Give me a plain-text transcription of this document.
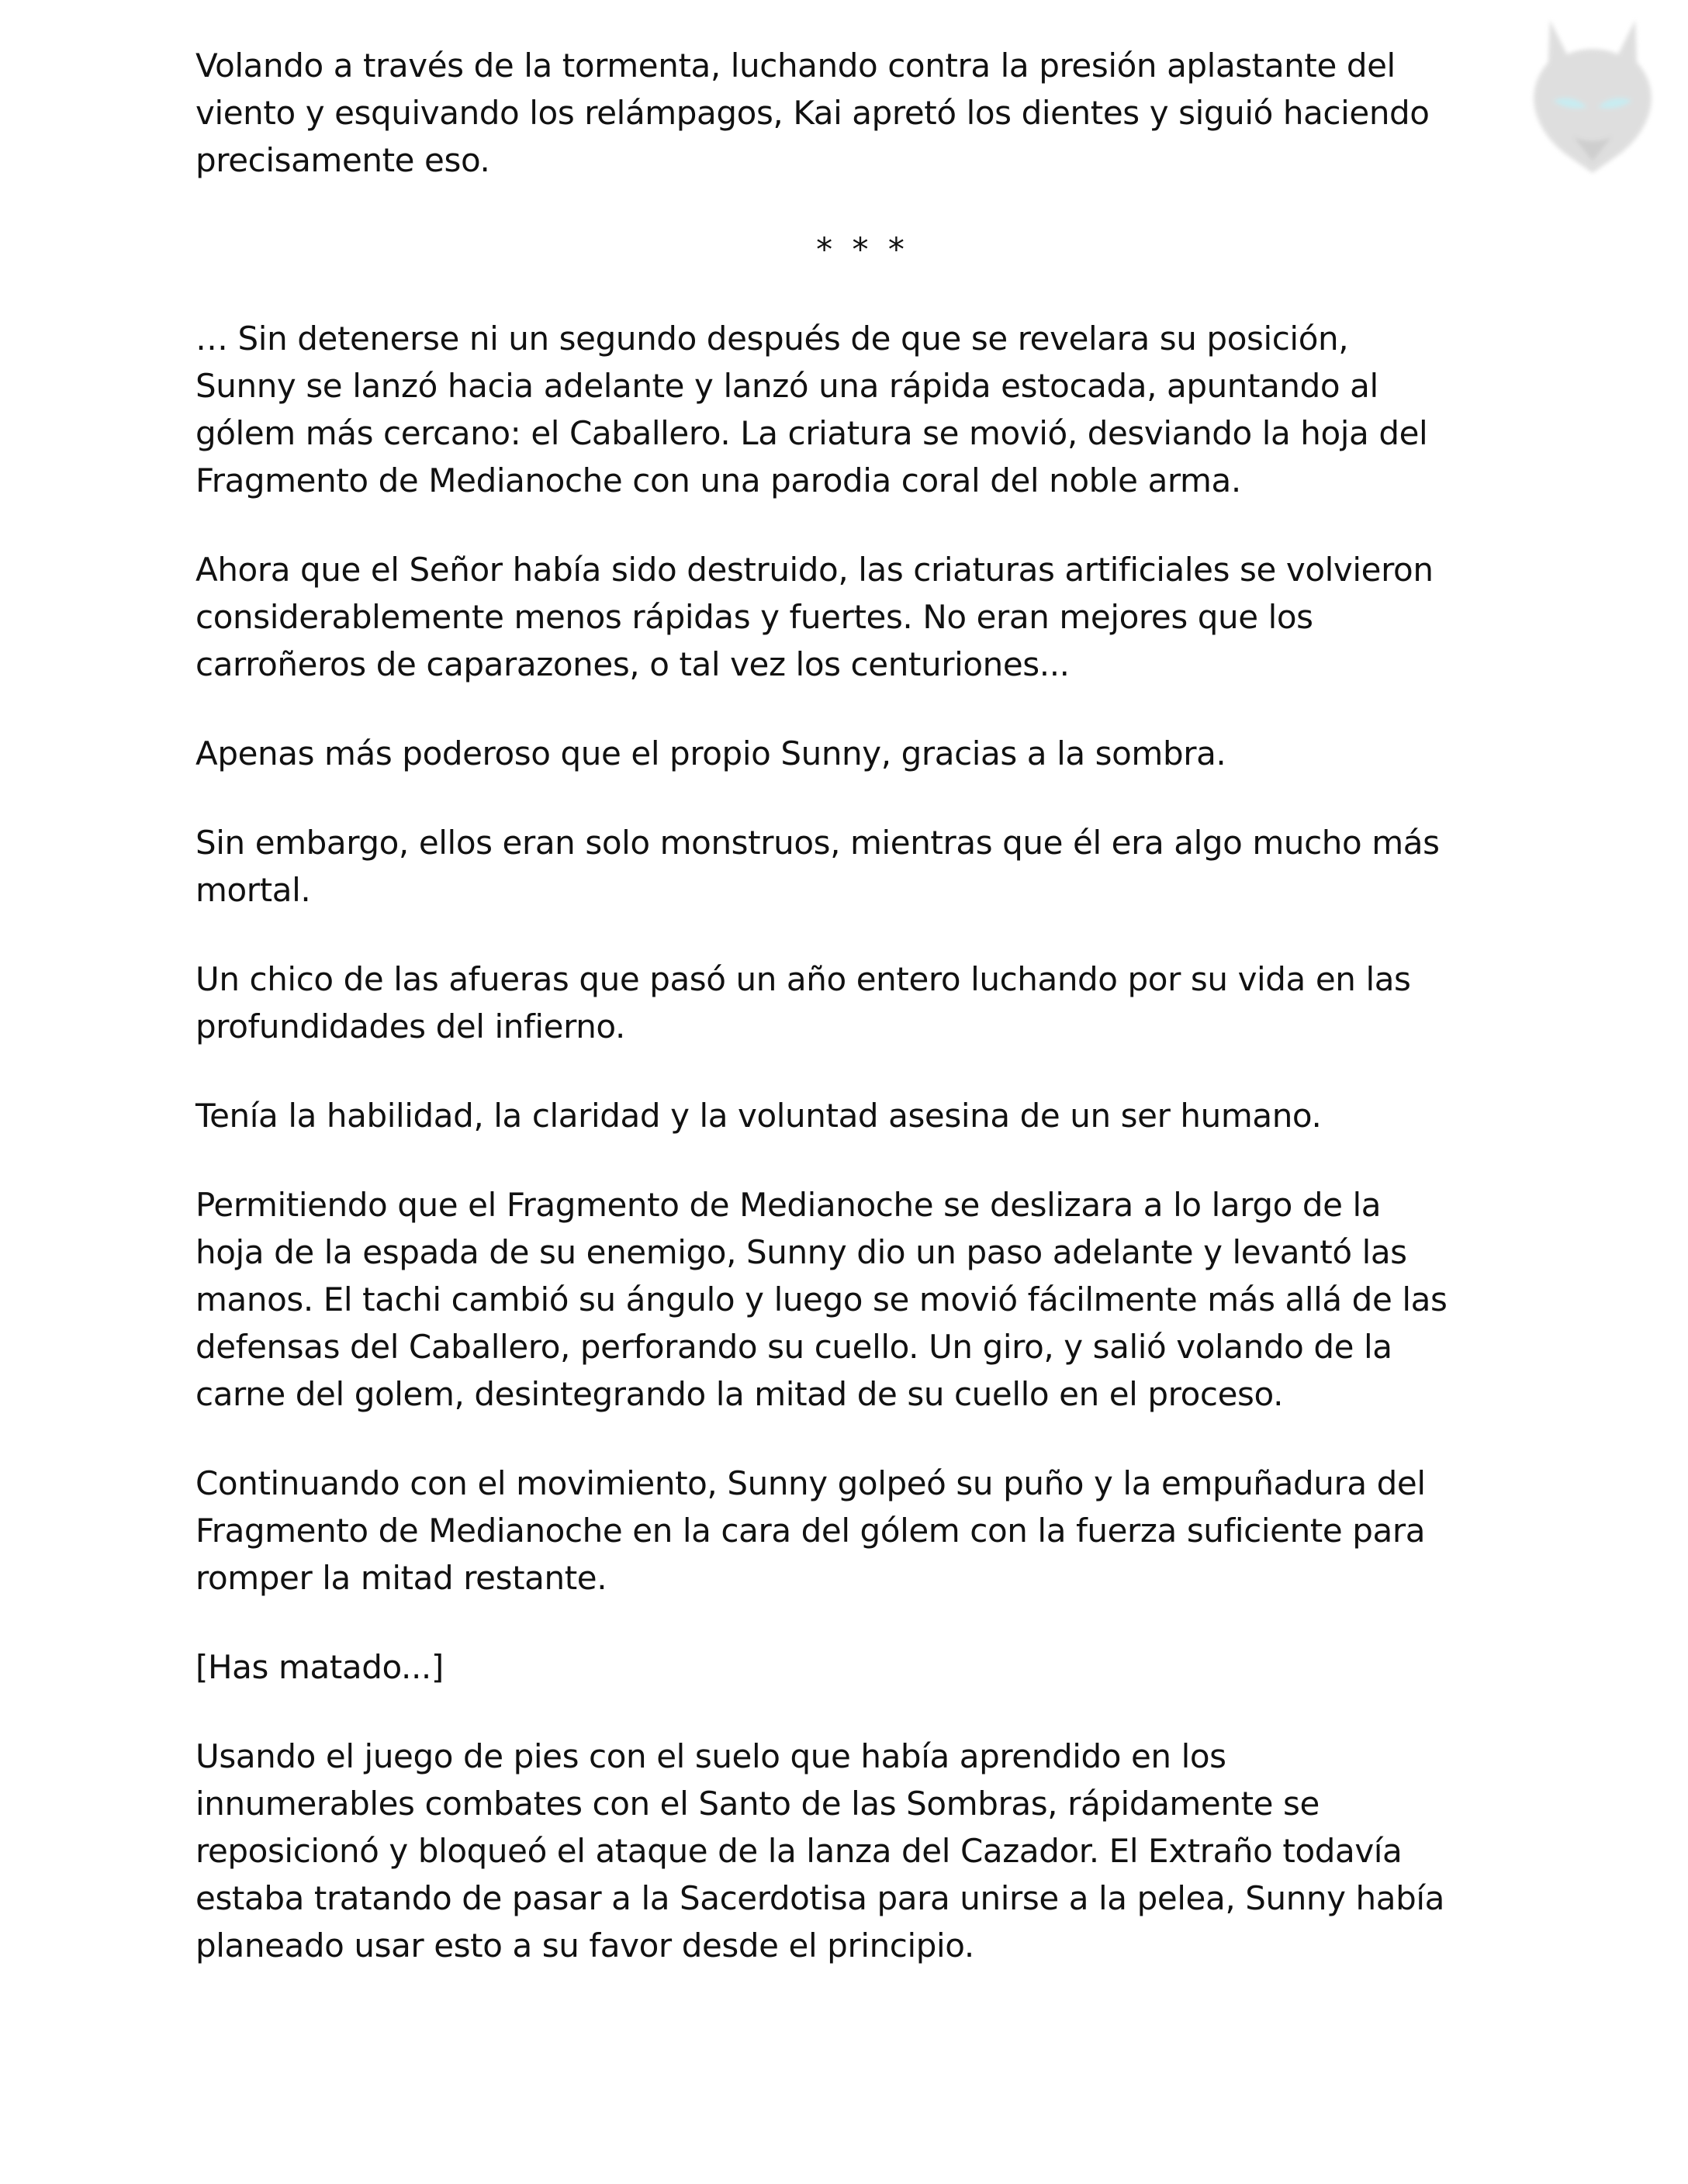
Volando a través de la tormenta, luchando contra la presión aplastante del
viento y esquivando los relámpagos, Kai apretó los dientes y siguió haciendo
precisamente eso.

* * *

… Sin detenerse ni un segundo después de que se revelara su posición,
Sunny se lanzó hacia adelante y lanzó una rápida estocada, apuntando al
gólem más cercano: el Caballero. La criatura se movió, desviando la hoja del
Fragmento de Medianoche con una parodia coral del noble arma.

Ahora que el Señor había sido destruido, las criaturas artificiales se volvieron
considerablemente menos rápidas y fuertes. No eran mejores que los
carroñeros de caparazones, o tal vez los centuriones...

Apenas más poderoso que el propio Sunny, gracias a la sombra.

Sin embargo, ellos eran solo monstruos, mientras que él era algo mucho más
mortal.

Un chico de las afueras que pasó un año entero luchando por su vida en las
profundidades del infierno.

Tenía la habilidad, la claridad y la voluntad asesina de un ser humano.

Permitiendo que el Fragmento de Medianoche se deslizara a lo largo de la
hoja de la espada de su enemigo, Sunny dio un paso adelante y levantó las
manos. El tachi cambió su ángulo y luego se movió fácilmente más allá de las
defensas del Caballero, perforando su cuello. Un giro, y salió volando de la
carne del golem, desintegrando la mitad de su cuello en el proceso.

Continuando con el movimiento, Sunny golpeó su puño y la empuñadura del
Fragmento de Medianoche en la cara del gólem con la fuerza suficiente para
romper la mitad restante.

[Has matado...]

Usando el juego de pies con el suelo que había aprendido en los
innumerables combates con el Santo de las Sombras, rápidamente se
reposicionó y bloqueó el ataque de la lanza del Cazador. El Extraño todavía
estaba tratando de pasar a la Sacerdotisa para unirse a la pelea, Sunny había
planeado usar esto a su favor desde el principio.
